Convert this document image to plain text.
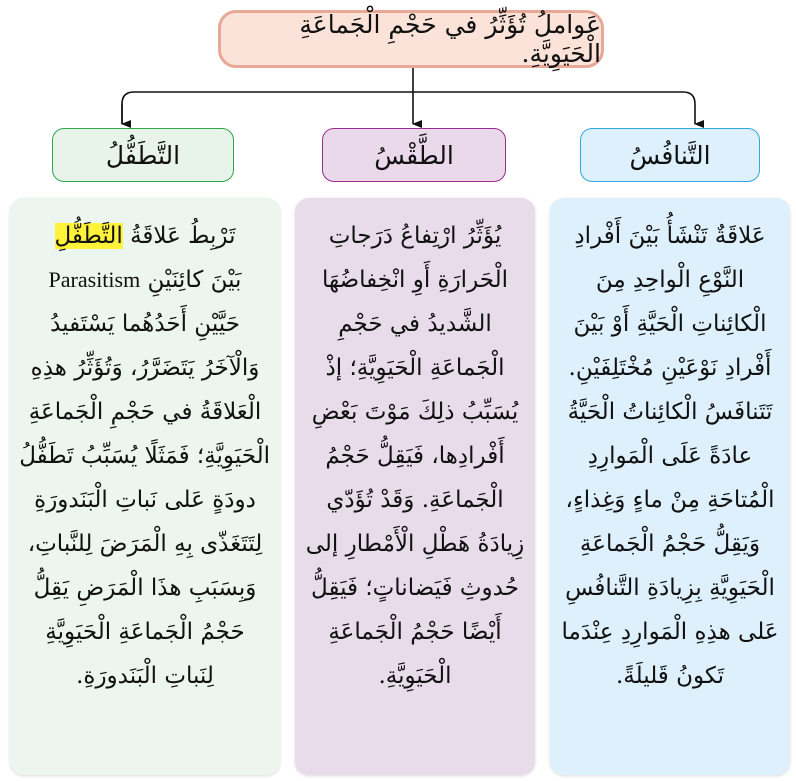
عَواملُ تُؤَثِّرُ في حَجْمِ الْجَماعَةِ الْحَيَوِيَّةِ.
التَّنافُسُ
الطَّقْسُ
التَّطَفُّلُ
عَلاقَةٌ تَنْشَأُ بَيْنَ أَفْرادِ
النَّوْعِ الْواحِدِ مِنَ
الْكائِناتِ الْحَيَّةِ أَوْ بَيْنَ
أَفْرادِ نَوْعَيْنِ مُخْتَلِفَيْنِ.
تَتَنافَسُ الْكائِناتُ الْحَيَّةُ
عادَةً عَلَى الْمَوارِدِ
الْمُتاحَةِ مِنْ ماءٍ وَغِذاءٍ،
وَيَقِلُّ حَجْمُ الْجَماعَةِ
الْحَيَوِيَّةِ بِزِيادَةِ التَّنافُسِ
عَلى هذِهِ الْمَوارِدِ عِنْدَما
تَكونُ قَليلَةً.
يُؤَثِّرُ ارْتِفاعُ دَرَجاتِ
الْحَرارَةِ أَوِ انْخِفاضُهَا
الشَّديدُ في حَجْمِ
الْجَماعَةِ الْحَيَوِيَّةِ؛ إذْ
يُسَبِّبُ ذلِكَ مَوْتَ بَعْضِ
أَفْرادِها، فَيَقِلُّ حَجْمُ
الْجَماعَةِ. وَقَدْ تُؤَدّي
زِيادَةُ هَطْلِ الْأَمْطارِ إلى
حُدوثِ فَيَضاناتٍ؛ فَيَقِلُّ
أَيْضًا حَجْمُ الْجَماعَةِ
الْحَيَوِيَّةِ.
تَرْبِطُ عَلاقَةُ التَّطَفُّلِ
بَيْنَ كائِنَيْنِ Parasitism
حَيَّيْنِ أَحَدُهُما يَسْتَفيدُ
وَالْآخَرُ يَتَضَرَّرُ، وَتُؤَثِّرُ هذِهِ
الْعَلاقَةُ في حَجْمِ الْجَماعَةِ
الْحَيَوِيَّةِ؛ فَمَثَلًا يُسَبِّبُ تَطَفُّلُ
دودَةٍ عَلى نَباتِ الْبَنَدورَةِ
لِتَتَغَذّى بِهِ الْمَرَضَ لِلنَّباتِ،
وَبِسَبَبِ هذَا الْمَرَضِ يَقِلُّ
حَجْمُ الْجَماعَةِ الْحَيَوِيَّةِ
لِنَباتِ الْبَنَدورَةِ.
